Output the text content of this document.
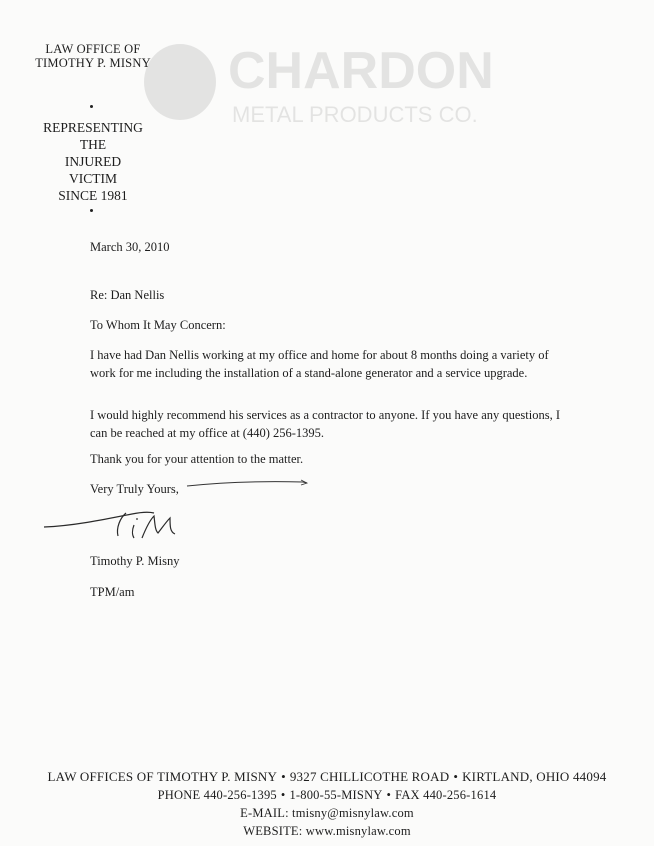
CHARDON
METAL PRODUCTS CO.
LAW OFFICE OF
TIMOTHY P. MISNY
REPRESENTING
THE
INJURED
VICTIM
SINCE 1981

March 30, 2010

Re: Dan Nellis

To Whom It May Concern:

I have had Dan Nellis working at my office and home for about 8 months doing a variety of work for me including the installation of a stand-alone generator and a service upgrade.

I would highly recommend his services as a contractor to anyone. If you have any questions, I can be reached at my office at (440) 256-1395.

Thank you for your attention to the matter.

Very Truly Yours,

Timothy P. Misny

TPM/am

LAW OFFICES OF TIMOTHY P. MISNY • 9327 CHILLICOTHE ROAD • KIRTLAND, OHIO 44094
PHONE 440-256-1395 • 1-800-55-MISNY • FAX 440-256-1614
E-MAIL: tmisny@misnylaw.com
WEBSITE: www.misnylaw.com
